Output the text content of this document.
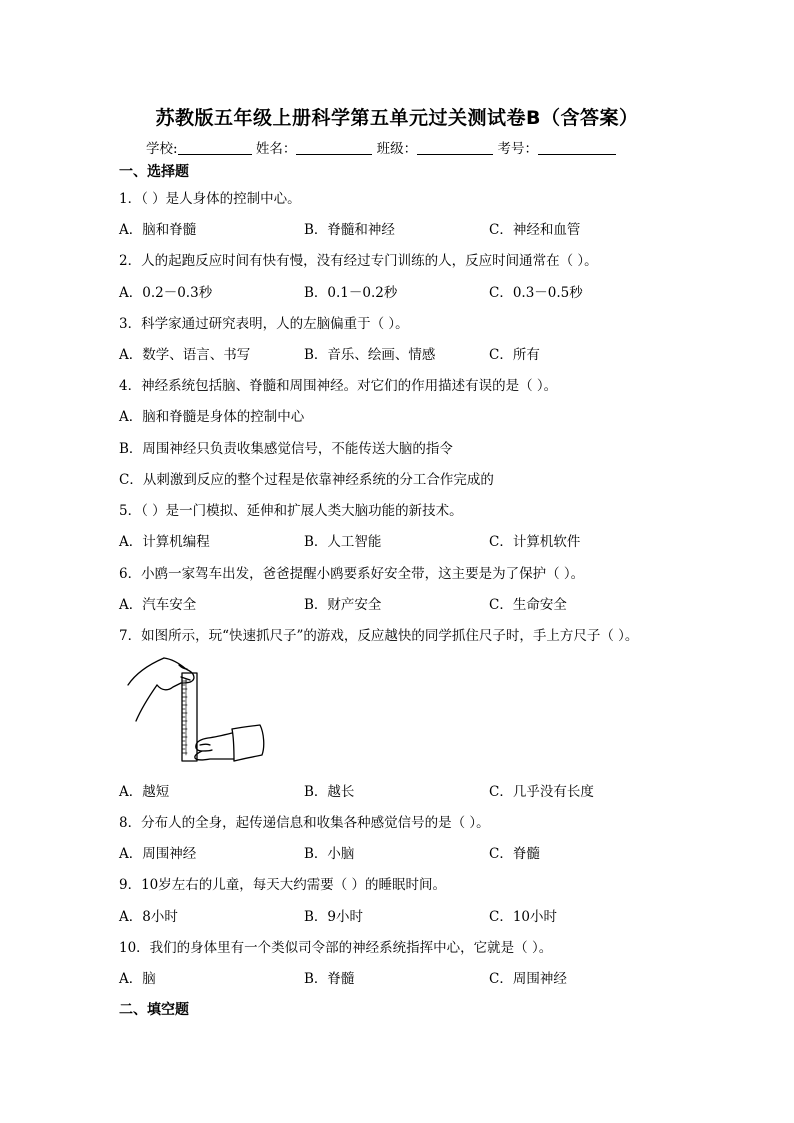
苏教版五年级上册科学第五单元过关测试卷B（含答案）
学校:	姓名：	班级：	考号：
一、选择题
1．（ ）是人身体的控制中心。
A．脑和脊髓	B．脊髓和神经	C．神经和血管
2．人的起跑反应时间有快有慢，没有经过专门训练的人，反应时间通常在（ ）。
A．0.2－0.3秒	B．0.1－0.2秒	C．0.3－0.5秒
3．科学家通过研究表明，人的左脑偏重于（ ）。
A．数学、语言、书写	B．音乐、绘画、情感	C．所有
4．神经系统包括脑、脊髓和周围神经。对它们的作用描述有误的是（ ）。
A．脑和脊髓是身体的控制中心
B．周围神经只负责收集感觉信号，不能传送大脑的指令
C．从刺激到反应的整个过程是依靠神经系统的分工合作完成的
5．（ ）是一门模拟、延伸和扩展人类大脑功能的新技术。
A．计算机编程	B．人工智能	C．计算机软件
6．小鸥一家驾车出发，爸爸提醒小鸥要系好安全带，这主要是为了保护（ ）。
A．汽车安全	B．财产安全	C．生命安全
7．如图所示，玩“快速抓尺子”的游戏，反应越快的同学抓住尺子时，手上方尺子（ ）。
A．越短	B．越长	C．几乎没有长度
8．分布人的全身，起传递信息和收集各种感觉信号的是（ ）。
A．周围神经	B．小脑	C．脊髓
9．10岁左右的儿童，每天大约需要（ ）的睡眠时间。
A．8小时	B．9小时	C．10小时
10．我们的身体里有一个类似司令部的神经系统指挥中心，它就是（ ）。
A．脑	B．脊髓	C．周围神经
二、填空题
